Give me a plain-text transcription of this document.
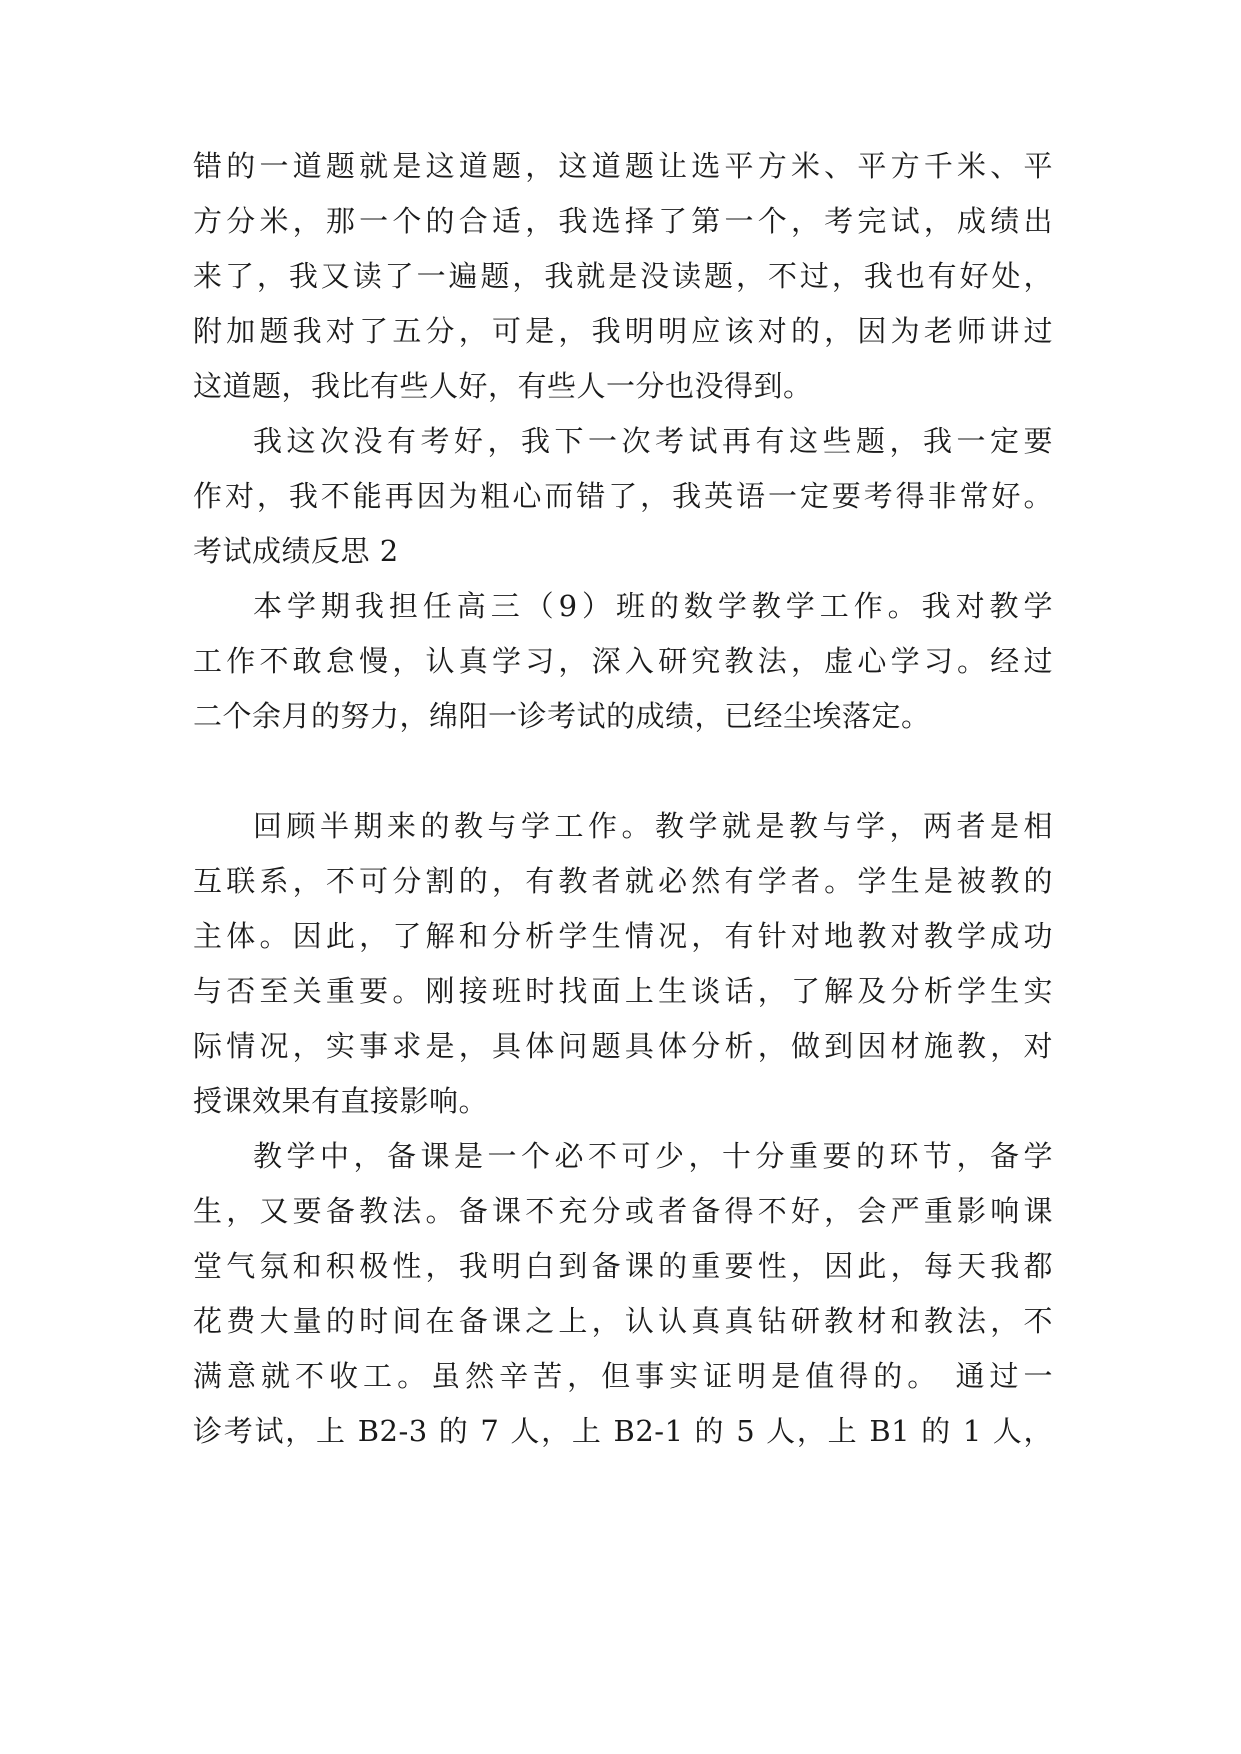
错的一道题就是这道题，这道题让选平方米、平方千米、平
方分米，那一个的合适，我选择了第一个，考完试，成绩出
来了，我又读了一遍题，我就是没读题，不过，我也有好处，
附加题我对了五分，可是，我明明应该对的，因为老师讲过
这道题，我比有些人好，有些人一分也没得到。
我这次没有考好，我下一次考试再有这些题，我一定要
作对，我不能再因为粗心而错了，我英语一定要考得非常好。
考试成绩反思 2
本学期我担任高三（9）班的数学教学工作。我对教学
工作不敢怠慢，认真学习，深入研究教法，虚心学习。经过
二个余月的努力，绵阳一诊考试的成绩，已经尘埃落定。
回顾半期来的教与学工作。教学就是教与学，两者是相
互联系，不可分割的，有教者就必然有学者。学生是被教的
主体。因此，了解和分析学生情况，有针对地教对教学成功
与否至关重要。刚接班时找面上生谈话，了解及分析学生实
际情况，实事求是，具体问题具体分析，做到因材施教，对
授课效果有直接影响。
教学中，备课是一个必不可少，十分重要的环节，备学
生，又要备教法。备课不充分或者备得不好，会严重影响课
堂气氛和积极性，我明白到备课的重要性，因此，每天我都
花费大量的时间在备课之上，认认真真钻研教材和教法，不
满意就不收工。虽然辛苦，但事实证明是值得的。 通过一
诊考试，上 B2-3 的 7 人，上 B2-1 的 5 人，上 B1 的 1 人，
